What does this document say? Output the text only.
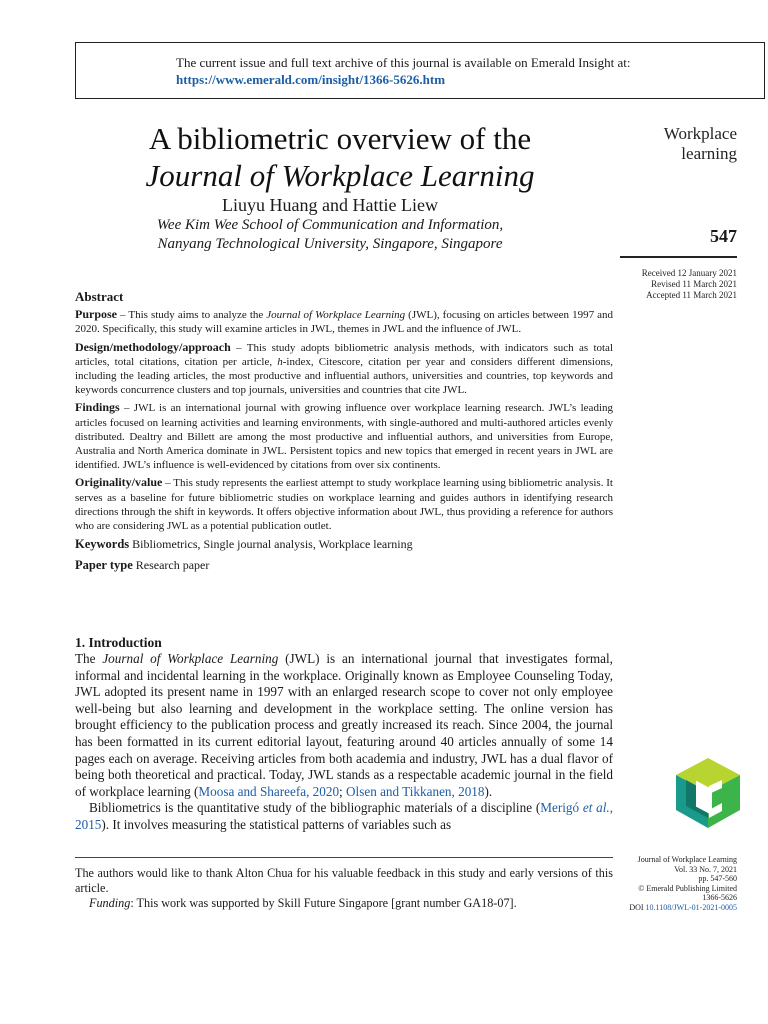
The current issue and full text archive of this journal is available on Emerald Insight at:
https://www.emerald.com/insight/1366-5626.htm
A bibliometric overview of the
Journal of Workplace Learning
Liuyu Huang and Hattie Liew
Wee Kim Wee School of Communication and Information,
Nanyang Technological University, Singapore, Singapore
Workplace
learning
547
Received 12 January 2021
Revised 11 March 2021
Accepted 11 March 2021
Abstract

Purpose – This study aims to analyze the Journal of Workplace Learning (JWL), focusing on articles between 1997 and 2020. Specifically, this study will examine articles in JWL, themes in JWL and the influence of JWL.

Design/methodology/approach – This study adopts bibliometric analysis methods, with indicators such as total articles, total citations, citation per article, h-index, Citescore, citation per year and considers different dimensions, including the leading articles, the most productive and influential authors, universities and countries, top keywords and keywords concurrence clusters and top journals, universities and countries that cite JWL.

Findings – JWL is an international journal with growing influence over workplace learning research. JWL’s leading articles focused on learning activities and learning environments, with single-authored and multi-authored articles evenly distributed. Dealtry and Billett are among the most productive and influential authors, and universities from Europe, Australia and North America dominate in JWL. Persistent topics and new topics that emerged in recent years in JWL are identified. JWL’s influence is well-evidenced by citations from over six continents.

Originality/value – This study represents the earliest attempt to study workplace learning using bibliometric analysis. It serves as a baseline for future bibliometric studies on workplace learning and guides authors in identifying research directions through the shift in keywords. It offers objective information about JWL, thus providing a reference for authors who are considering JWL as a potential publication outlet.

Keywords Bibliometrics, Single journal analysis, Workplace learning
Paper type Research paper
1. Introduction

The Journal of Workplace Learning (JWL) is an international journal that investigates formal, informal and incidental learning in the workplace. Originally known as Employee Counseling Today, JWL adopted its present name in 1997 with an enlarged research scope to cover not only employee well-being but also learning and development in the workplace setting. The online version has brought efficiency to the publication process and greatly increased its reach. Since 2004, the journal has been formatted in its current editorial layout, featuring around 40 articles annually of some 14 pages each on average. Receiving articles from both academia and industry, JWL has a dual flavor of being both theoretical and practical. Today, JWL stands as a respectable academic journal in the field of workplace learning (Moosa and Shareefa, 2020; Olsen and Tikkanen, 2018).

Bibliometrics is the quantitative study of the bibliographic materials of a discipline (Merigó et al., 2015). It involves measuring the statistical patterns of variables such as

The authors would like to thank Alton Chua for his valuable feedback in this study and early versions of this article.

Funding: This work was supported by Skill Future Singapore [grant number GA18-07].

Journal of Workplace Learning
Vol. 33 No. 7, 2021
pp. 547-560
© Emerald Publishing Limited
1366-5626
DOI 10.1108/JWL-01-2021-0005
